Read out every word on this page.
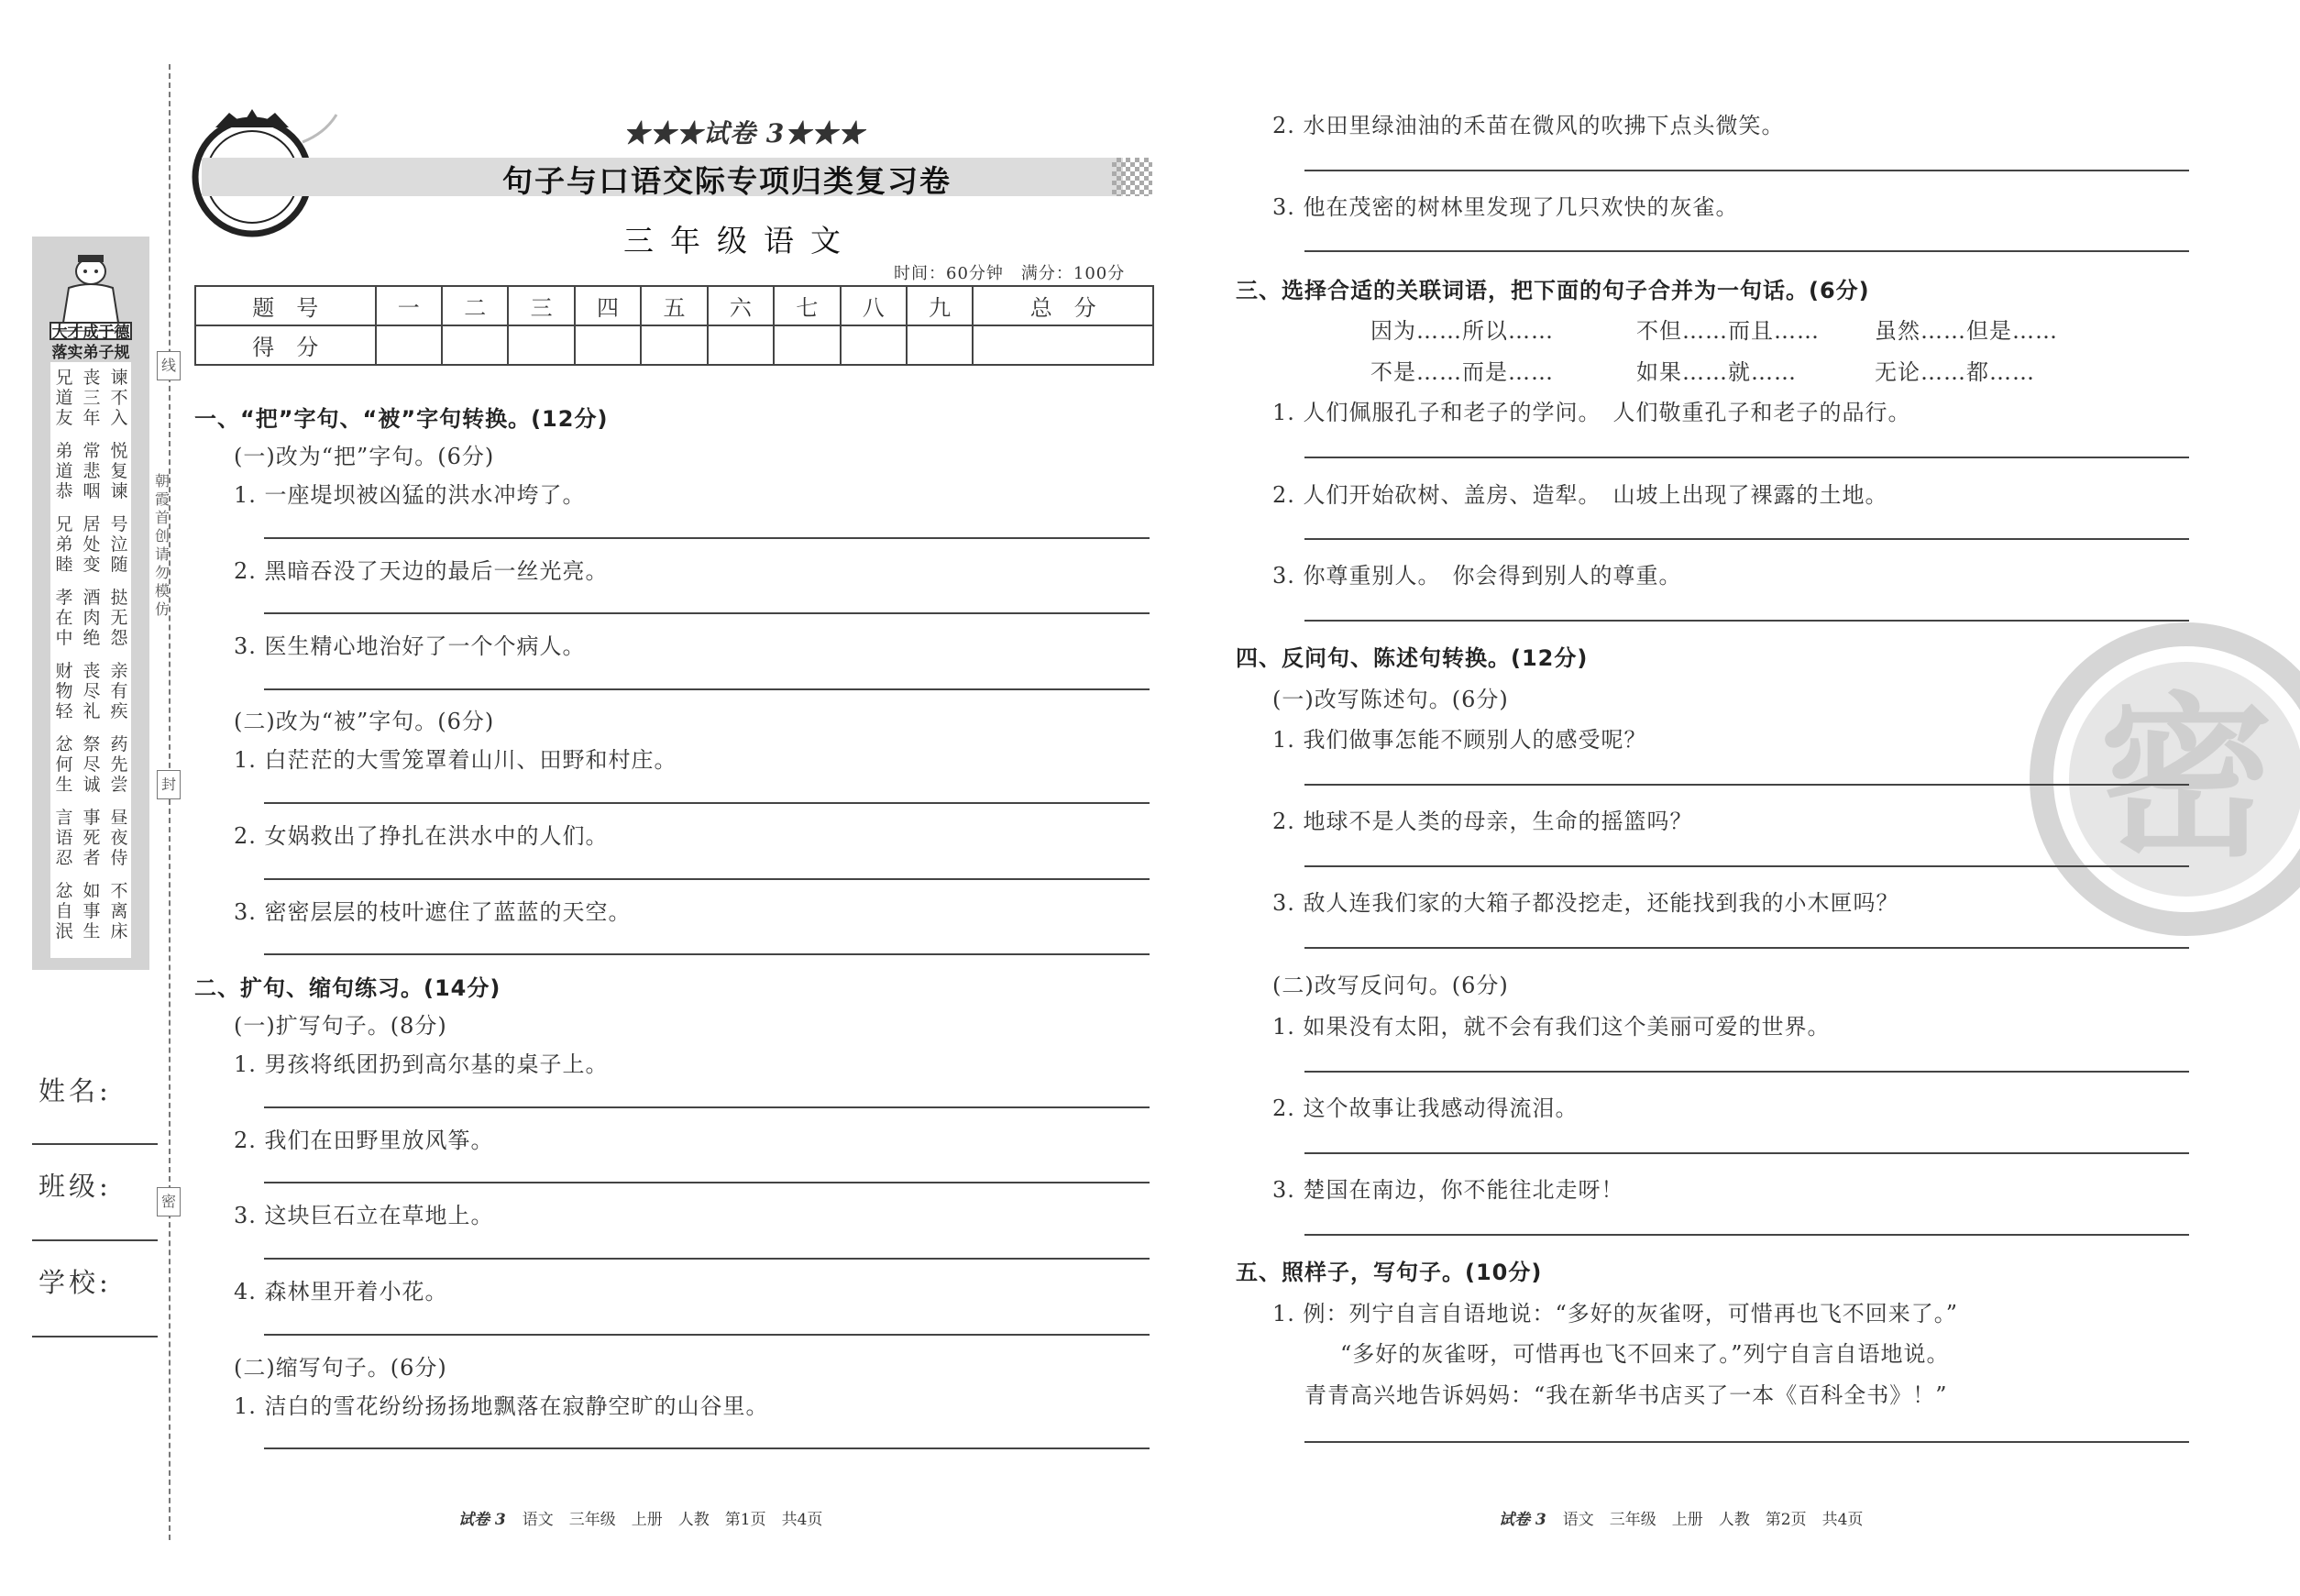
线
封
密
朝霞首创 请勿模仿
大才成于德
落实弟子规
谏不入
丧三年
兄道友
悦复谏
常悲咽
弟道恭
号泣随
居处变
兄弟睦
挞无怨
酒肉绝
孝在中
亲有疾
丧尽礼
财物轻
药先尝
祭尽诚
忿何生
昼夜侍
事死者
言语忍
不离床
如事生
忿自泯
姓名:
班级:
学校:
★★★试卷 3★★★
句子与口语交际专项归类复习卷
三年级语文
时间：60分钟　满分：100分
题　号	一	二	三	四	五	六	七	八	九	总　分
得　分										
一、“把”字句、“被”字句转换。(12分)
(一)改为“把”字句。(6分)
1. 一座堤坝被凶猛的洪水冲垮了。
2. 黑暗吞没了天边的最后一丝光亮。
3. 医生精心地治好了一个个病人。
(二)改为“被”字句。(6分)
1. 白茫茫的大雪笼罩着山川、田野和村庄。
2. 女娲救出了挣扎在洪水中的人们。
3. 密密层层的枝叶遮住了蓝蓝的天空。
二、扩句、缩句练习。(14分)
(一)扩写句子。(8分)
1. 男孩将纸团扔到高尔基的桌子上。
2. 我们在田野里放风筝。
3. 这块巨石立在草地上。
4. 森林里开着小花。
(二)缩写句子。(6分)
1. 洁白的雪花纷纷扬扬地飘落在寂静空旷的山谷里。
试卷 3 语文　三年级　上册　人教　第1页　共4页
密
2. 水田里绿油油的禾苗在微风的吹拂下点头微笑。
3. 他在茂密的树林里发现了几只欢快的灰雀。
三、选择合适的关联词语，把下面的句子合并为一句话。(6分)
因为……所以……	不但……而且……	虽然……但是……
不是……而是……	如果……就……	无论……都……
1. 人们佩服孔子和老子的学问。　人们敬重孔子和老子的品行。
2. 人们开始砍树、盖房、造犁。　山坡上出现了裸露的土地。
3. 你尊重别人。　你会得到别人的尊重。
四、反问句、陈述句转换。(12分)
(一)改写陈述句。(6分)
1. 我们做事怎能不顾别人的感受呢？
2. 地球不是人类的母亲，生命的摇篮吗？
3. 敌人连我们家的大箱子都没挖走，还能找到我的小木匣吗？
(二)改写反问句。(6分)
1. 如果没有太阳，就不会有我们这个美丽可爱的世界。
2. 这个故事让我感动得流泪。
3. 楚国在南边，你不能往北走呀！
五、照样子，写句子。(10分)
1. 例：列宁自言自语地说：“多好的灰雀呀，可惜再也飞不回来了。”
“多好的灰雀呀，可惜再也飞不回来了。”列宁自言自语地说。
青青高兴地告诉妈妈：“我在新华书店买了一本《百科全书》！”
试卷 3 语文　三年级　上册　人教　第2页　共4页
